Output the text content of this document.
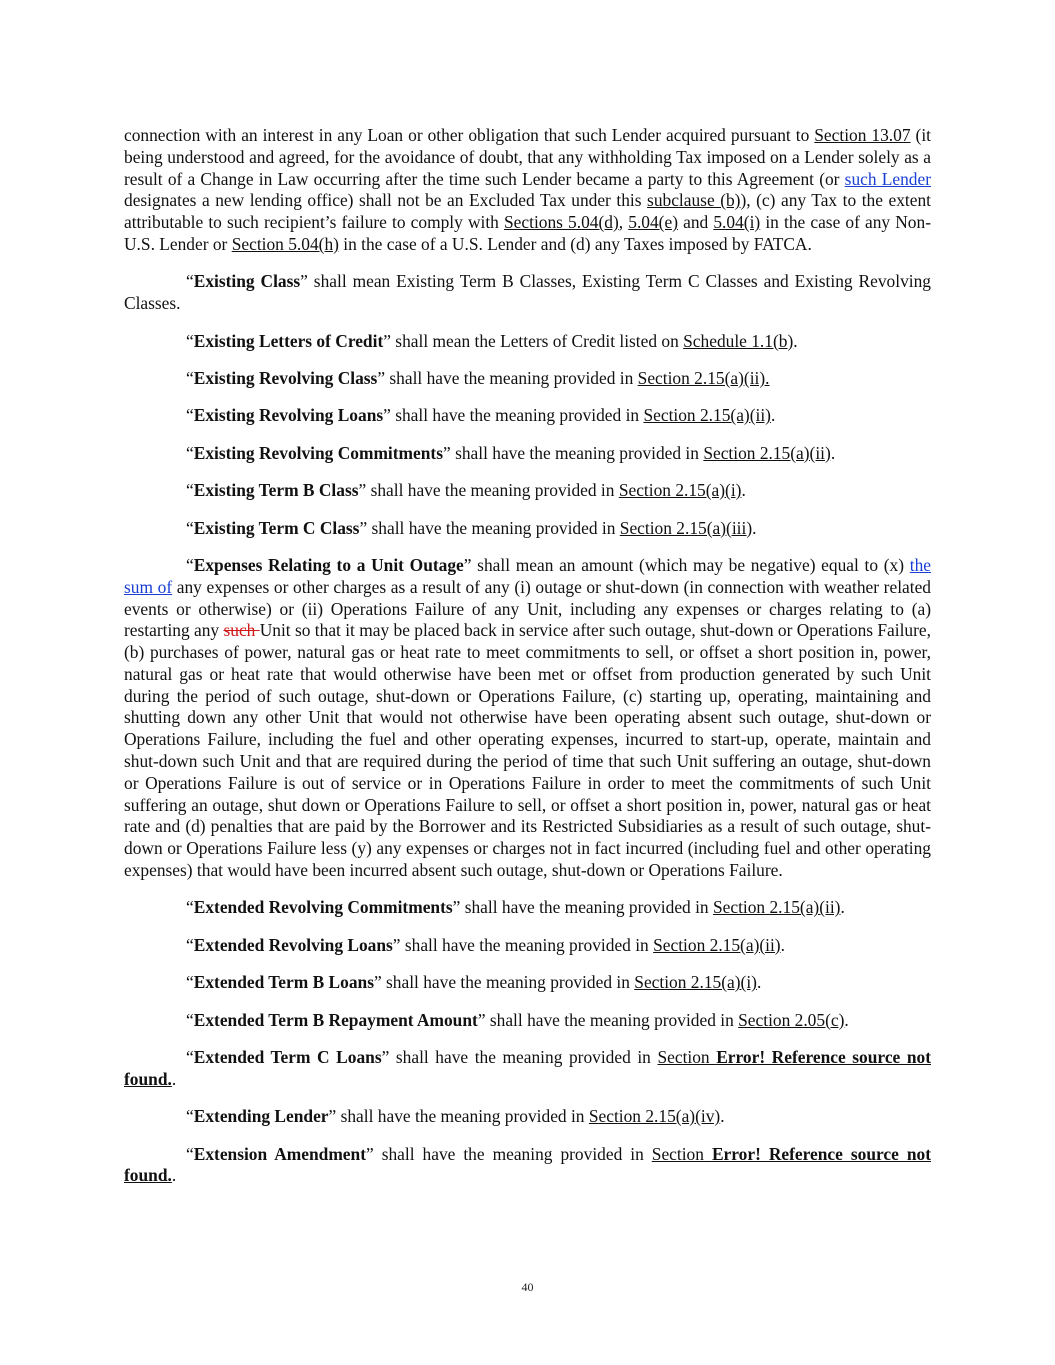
connection with an interest in any Loan or other obligation that such Lender acquired pursuant to Section 13.07 (it being understood and agreed, for the avoidance of doubt, that any withholding Tax imposed on a Lender solely as a result of a Change in Law occurring after the time such Lender became a party to this Agreement (or such Lender designates a new lending office) shall not be an Excluded Tax under this subclause (b)), (c) any Tax to the extent attributable to such recipient’s failure to comply with Sections 5.04(d), 5.04(e) and 5.04(i) in the case of any Non-U.S. Lender or Section 5.04(h) in the case of a U.S. Lender and (d) any Taxes imposed by FATCA.

“Existing Class” shall mean Existing Term B Classes, Existing Term C Classes and Existing Revolving Classes.

“Existing Letters of Credit” shall mean the Letters of Credit listed on Schedule 1.1(b).

“Existing Revolving Class” shall have the meaning provided in Section 2.15(a)(ii).

“Existing Revolving Loans” shall have the meaning provided in Section 2.15(a)(ii).

“Existing Revolving Commitments” shall have the meaning provided in Section 2.15(a)(ii).

“Existing Term B Class” shall have the meaning provided in Section 2.15(a)(i).

“Existing Term C Class” shall have the meaning provided in Section 2.15(a)(iii).

“Expenses Relating to a Unit Outage” shall mean an amount (which may be negative) equal to (x) the sum of any expenses or other charges as a result of any (i) outage or shut-down (in connection with weather related events or otherwise) or (ii) Operations Failure of any Unit, including any expenses or charges relating to (a) restarting any such Unit so that it may be placed back in service after such outage, shut-down or Operations Failure, (b) purchases of power, natural gas or heat rate to meet commitments to sell, or offset a short position in, power, natural gas or heat rate that would otherwise have been met or offset from production generated by such Unit during the period of such outage, shut-down or Operations Failure, (c) starting up, operating, maintaining and shutting down any other Unit that would not otherwise have been operating absent such outage, shut-down or Operations Failure, including the fuel and other operating expenses, incurred to start-up, operate, maintain and shut-down such Unit and that are required during the period of time that such Unit suffering an outage, shut-down or Operations Failure is out of service or in Operations Failure in order to meet the commitments of such Unit suffering an outage, shut down or Operations Failure to sell, or offset a short position in, power, natural gas or heat rate and (d) penalties that are paid by the Borrower and its Restricted Subsidiaries as a result of such outage, shut-down or Operations Failure less (y) any expenses or charges not in fact incurred (including fuel and other operating expenses) that would have been incurred absent such outage, shut-down or Operations Failure.

“Extended Revolving Commitments” shall have the meaning provided in Section 2.15(a)(ii).

“Extended Revolving Loans” shall have the meaning provided in Section 2.15(a)(ii).

“Extended Term B Loans” shall have the meaning provided in Section 2.15(a)(i).

“Extended Term B Repayment Amount” shall have the meaning provided in Section 2.05(c).

“Extended Term C Loans” shall have the meaning provided in Section Error! Reference source not found..

“Extending Lender” shall have the meaning provided in Section 2.15(a)(iv).

“Extension Amendment” shall have the meaning provided in Section Error! Reference source not found..

40
